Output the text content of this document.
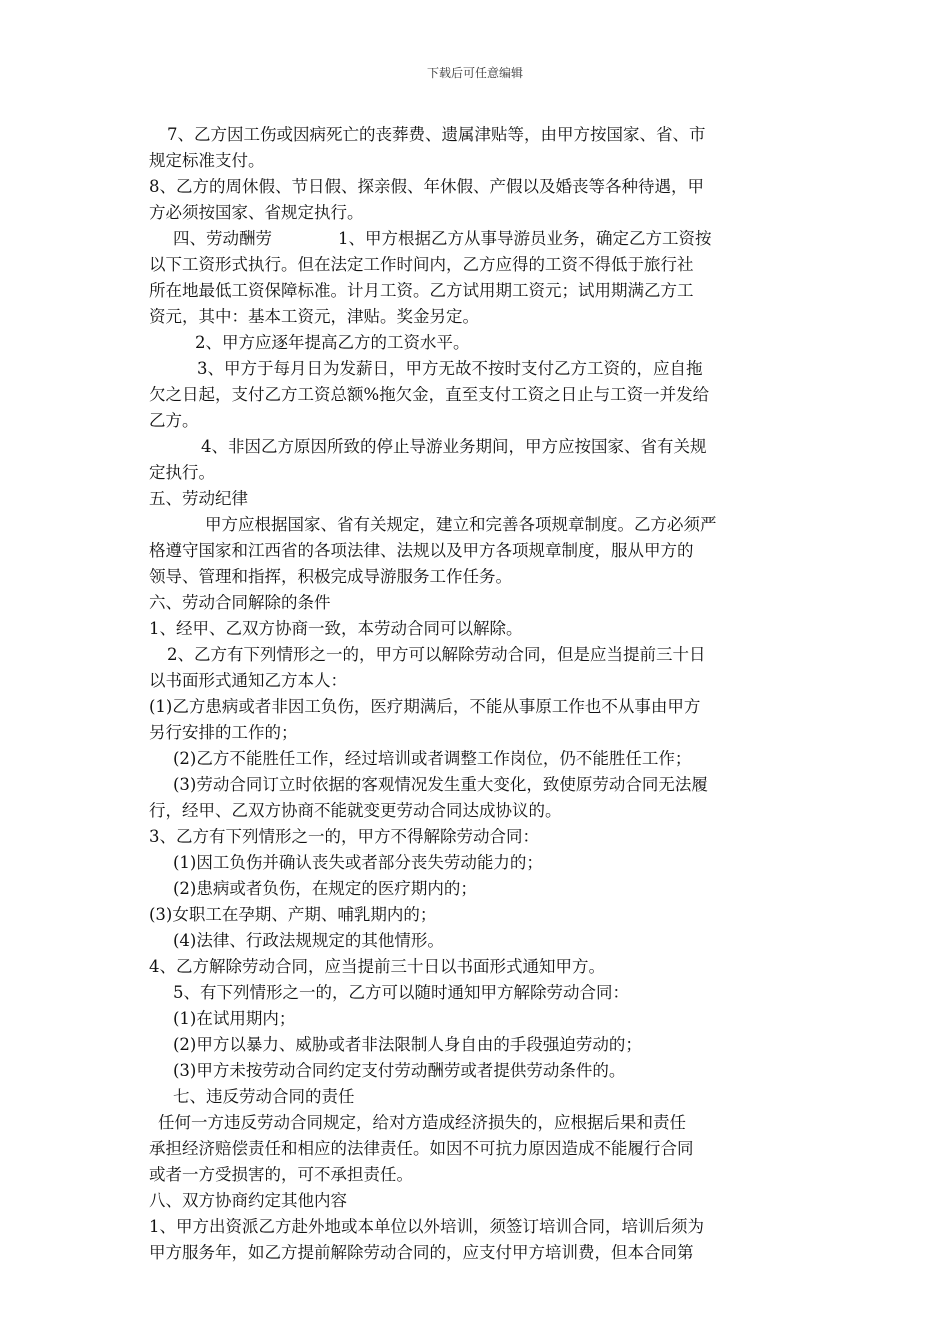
下载后可任意编辑
7、乙方因工伤或因病死亡的丧葬费、遗属津贴等，由甲方按国家、省、市
规定标准支付。
8、乙方的周休假、节日假、探亲假、年休假、产假以及婚丧等各种待遇，甲
方必须按国家、省规定执行。
四、劳动酬劳　　　　1、甲方根据乙方从事导游员业务，确定乙方工资按
以下工资形式执行。但在法定工作时间内，乙方应得的工资不得低于旅行社
所在地最低工资保障标准。计月工资。乙方试用期工资元；试用期满乙方工
资元，其中：基本工资元，津贴。奖金另定。
2、甲方应逐年提高乙方的工资水平。
3、甲方于每月日为发薪日，甲方无故不按时支付乙方工资的，应自拖
欠之日起，支付乙方工资总额%拖欠金，直至支付工资之日止与工资一并发给
乙方。
4、非因乙方原因所致的停止导游业务期间，甲方应按国家、省有关规
定执行。
五、劳动纪律
甲方应根据国家、省有关规定，建立和完善各项规章制度。乙方必须严
格遵守国家和江西省的各项法律、法规以及甲方各项规章制度，服从甲方的
领导、管理和指挥，积极完成导游服务工作任务。
六、劳动合同解除的条件
1、经甲、乙双方协商一致，本劳动合同可以解除。
2、乙方有下列情形之一的，甲方可以解除劳动合同，但是应当提前三十日
以书面形式通知乙方本人：
(1)乙方患病或者非因工负伤，医疗期满后，不能从事原工作也不从事由甲方
另行安排的工作的；
(2)乙方不能胜任工作，经过培训或者调整工作岗位，仍不能胜任工作；
(3)劳动合同订立时依据的客观情况发生重大变化，致使原劳动合同无法履
行，经甲、乙双方协商不能就变更劳动合同达成协议的。
3、乙方有下列情形之一的，甲方不得解除劳动合同：
(1)因工负伤并确认丧失或者部分丧失劳动能力的；
(2)患病或者负伤，在规定的医疗期内的；
(3)女职工在孕期、产期、哺乳期内的；
(4)法律、行政法规规定的其他情形。
4、乙方解除劳动合同，应当提前三十日以书面形式通知甲方。
5、有下列情形之一的，乙方可以随时通知甲方解除劳动合同：
(1)在试用期内；
(2)甲方以暴力、威胁或者非法限制人身自由的手段强迫劳动的；
(3)甲方未按劳动合同约定支付劳动酬劳或者提供劳动条件的。
七、违反劳动合同的责任
任何一方违反劳动合同规定，给对方造成经济损失的，应根据后果和责任
承担经济赔偿责任和相应的法律责任。如因不可抗力原因造成不能履行合同
或者一方受损害的，可不承担责任。
八、双方协商约定其他内容
1、甲方出资派乙方赴外地或本单位以外培训，须签订培训合同，培训后须为
甲方服务年，如乙方提前解除劳动合同的，应支付甲方培训费，但本合同第
